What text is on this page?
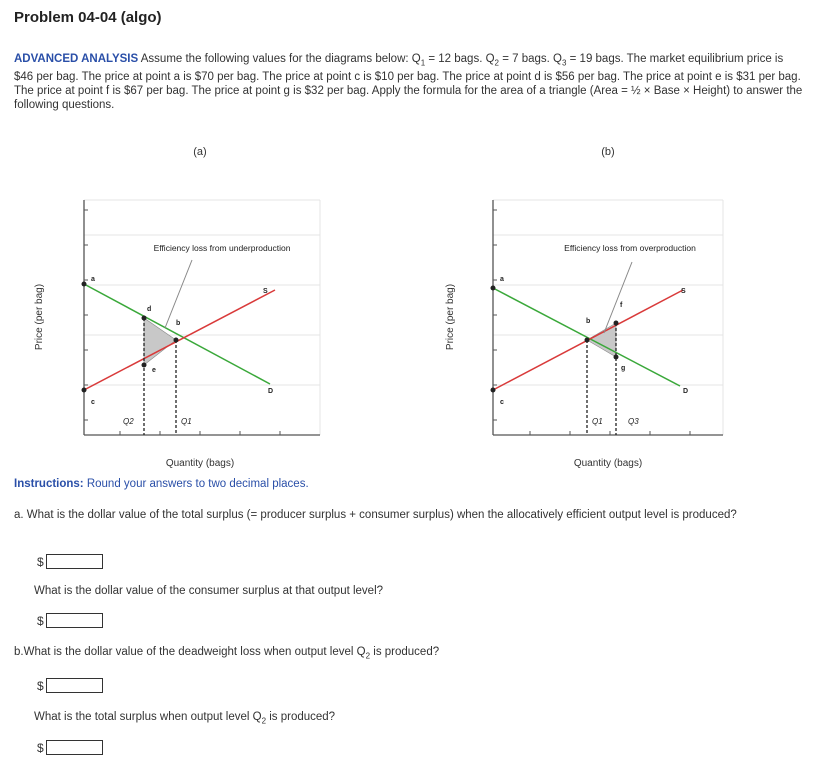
Problem 04-04 (algo)
ADVANCED ANALYSIS Assume the following values for the diagrams below: $Q_1 = 12$ bags. $Q_2 = 7$ bags. $Q_3 = 19$ bags. The market equilibrium price is $46 per bag. The price at point a is $70 per bag. The price at point c is $10 per bag. The price at point d is $56 per bag. The price at point e is $31 per bag. The price at point f is $67 per bag. The price at point g is $32 per bag. Apply the formula for the area of a triangle (Area = ½ × Base × Height) to answer the following questions.
(a)
Efficiency loss from underproduction
a
c
d
e
b
S
D
Q2	Q1
Price (per bag)
Quantity (bags)
(b)
Efficiency loss from overproduction
a
c
b
f
g
S
D
Q1	Q3
Price (per bag)
Quantity (bags)
Instructions: Round your answers to two decimal places.
a. What is the dollar value of the total surplus (= producer surplus + consumer surplus) when the allocatively efficient output level is produced?
$
What is the dollar value of the consumer surplus at that output level?
$
b.What is the dollar value of the deadweight loss when output level $Q_2$ is produced?
$
What is the total surplus when output level $Q_2$ is produced?
$
